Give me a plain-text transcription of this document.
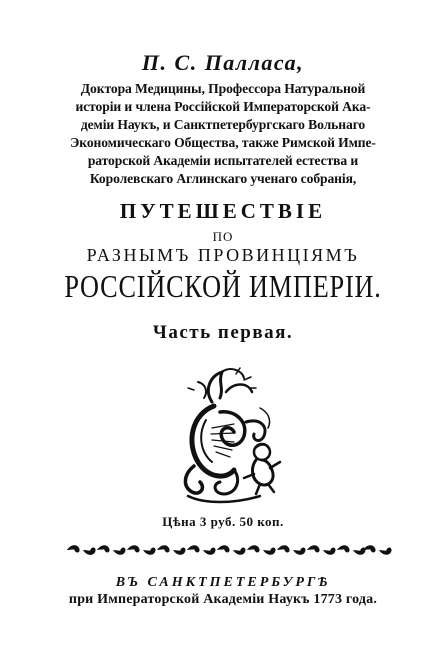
П. С. Палласа,
Доктора Медицины, Профессора Натуральной
исторіи и члена Россійской Императорской Ака-
деміи Наукъ, и Санктпетербургскаго Вольнаго
Экономическаго Общества, также Римской Импе-
раторской Академіи испытателей естества и
Королевскаго Аглинскаго ученаго собранія,
ПУТЕШЕСТВІЕ
ПО
РАЗНЫМЪ ПРОВИНЦІЯМЪ
РОССІЙСКОЙ ИМПЕРІИ.
Часть первая.
Цѣна 3 руб. 50 коп.
ВЪ САНКТПЕТЕРБУРГѢ
при Императорской Академіи Наукъ 1773 года.
